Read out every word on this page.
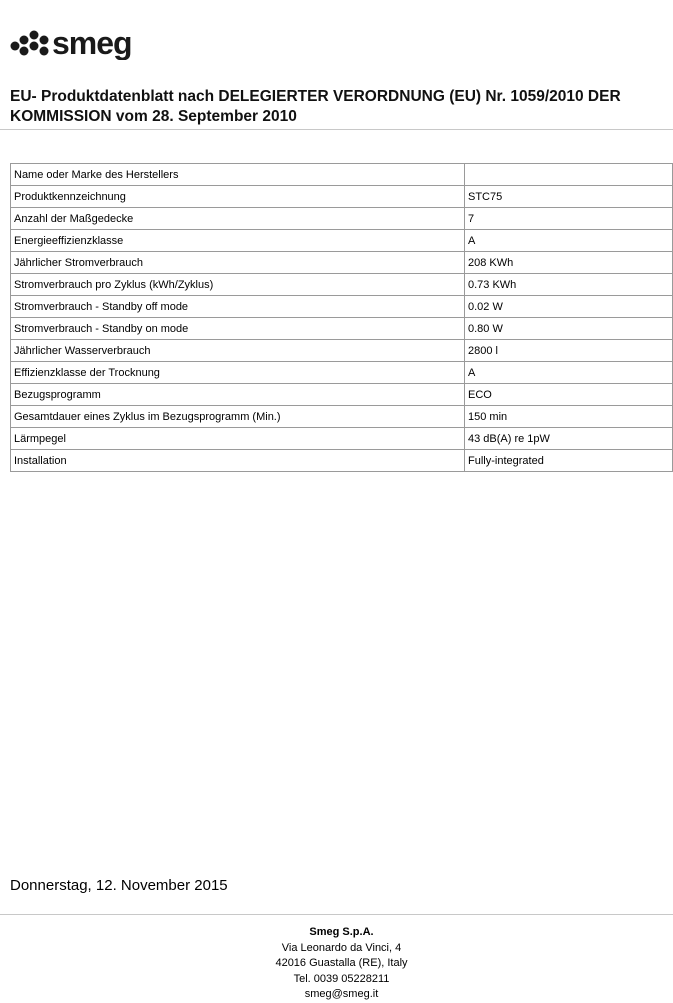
smeg
EU- Produktdatenblatt nach DELEGIERTER VERORDNUNG (EU) Nr. 1059/2010 DER KOMMISSION vom 28. September 2010
Name oder Marke des Herstellers	
Produktkennzeichnung	STC75
Anzahl der Maßgedecke	7
Energieeffizienzklasse	A
Jährlicher Stromverbrauch	208 KWh
Stromverbrauch pro Zyklus (kWh/Zyklus)	0.73 KWh
Stromverbrauch - Standby off mode	0.02 W
Stromverbrauch - Standby on mode	0.80 W
Jährlicher Wasserverbrauch	2800 l
Effizienzklasse der Trocknung	A
Bezugsprogramm	ECO
Gesamtdauer eines Zyklus im Bezugsprogramm (Min.)	150 min
Lärmpegel	43 dB(A) re 1pW
Installation	Fully-integrated
Donnerstag, 12. November 2015
Smeg S.p.A.
Via Leonardo da Vinci, 4
42016 Guastalla (RE), Italy
Tel. 0039 05228211
smeg@smeg.it
